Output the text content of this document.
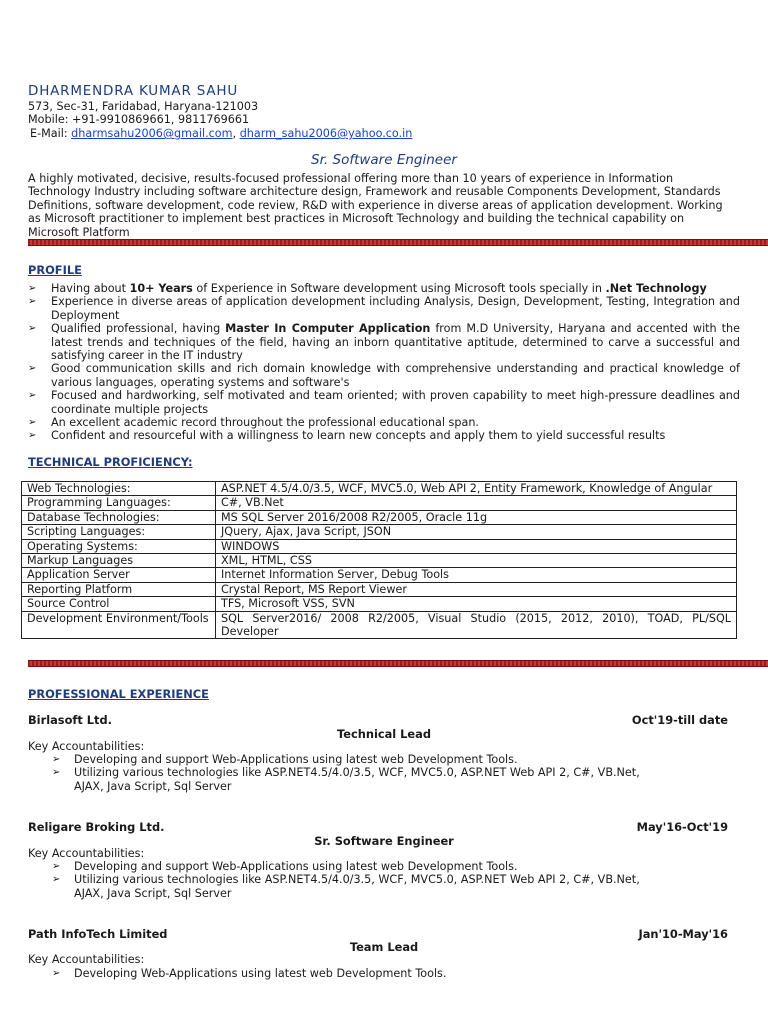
DHARMENDRA KUMAR SAHU
573, Sec-31, Faridabad, Haryana-121003
Mobile: +91-9910869661, 9811769661
E-Mail: dharmsahu2006@gmail.com, dharm_sahu2006@yahoo.co.in
Sr. Software Engineer
A highly motivated, decisive, results-focused professional offering more than 10 years of experience in Information Technology Industry including software architecture design, Framework and reusable Components Development, Standards Definitions, software development, code review, R&D with experience in diverse areas of application development. Working as Microsoft practitioner to implement best practices in Microsoft Technology and building the technical capability on Microsoft Platform
PROFILE
➢ Having about 10+ Years of Experience in Software development using Microsoft tools specially in .Net Technology
➢ Experience in diverse areas of application development including Analysis, Design, Development, Testing, Integration and Deployment
➢ Qualified professional, having Master In Computer Application from M.D University, Haryana and accented with the latest trends and techniques of the field, having an inborn quantitative aptitude, determined to carve a successful and satisfying career in the IT industry
➢ Good communication skills and rich domain knowledge with comprehensive understanding and practical knowledge of various languages, operating systems and software's
➢ Focused and hardworking, self motivated and team oriented; with proven capability to meet high-pressure deadlines and coordinate multiple projects
➢ An excellent academic record throughout the professional educational span.
➢ Confident and resourceful with a willingness to learn new concepts and apply them to yield successful results
TECHNICAL PROFICIENCY:
Web Technologies:	ASP.NET 4.5/4.0/3.5, WCF, MVC5.0, Web API 2, Entity Framework, Knowledge of Angular
Programming Languages:	C#, VB.Net
Database Technologies:	MS SQL Server 2016/2008 R2/2005, Oracle 11g
Scripting Languages:	JQuery, Ajax, Java Script, JSON
Operating Systems:	WINDOWS
Markup Languages	XML, HTML, CSS
Application Server	Internet Information Server, Debug Tools
Reporting Platform	Crystal Report, MS Report Viewer
Source Control	TFS, Microsoft VSS, SVN
Development Environment/Tools	SQL Server2016/ 2008 R2/2005, Visual Studio (2015, 2012, 2010), TOAD, PL/SQL Developer
PROFESSIONAL EXPERIENCE
Birlasoft Ltd.	Oct'19-till date
Technical Lead
Key Accountabilities:
➢ Developing and support Web-Applications using latest web Development Tools.
➢ Utilizing various technologies like ASP.NET4.5/4.0/3.5, WCF, MVC5.0, ASP.NET Web API 2, C#, VB.Net, AJAX, Java Script, Sql Server
Religare Broking Ltd.	May'16-Oct'19
Sr. Software Engineer
Key Accountabilities:
➢ Developing and support Web-Applications using latest web Development Tools.
➢ Utilizing various technologies like ASP.NET4.5/4.0/3.5, WCF, MVC5.0, ASP.NET Web API 2, C#, VB.Net, AJAX, Java Script, Sql Server
Path InfoTech Limited	Jan'10-May'16
Team Lead
Key Accountabilities:
➢ Developing Web-Applications using latest web Development Tools.
